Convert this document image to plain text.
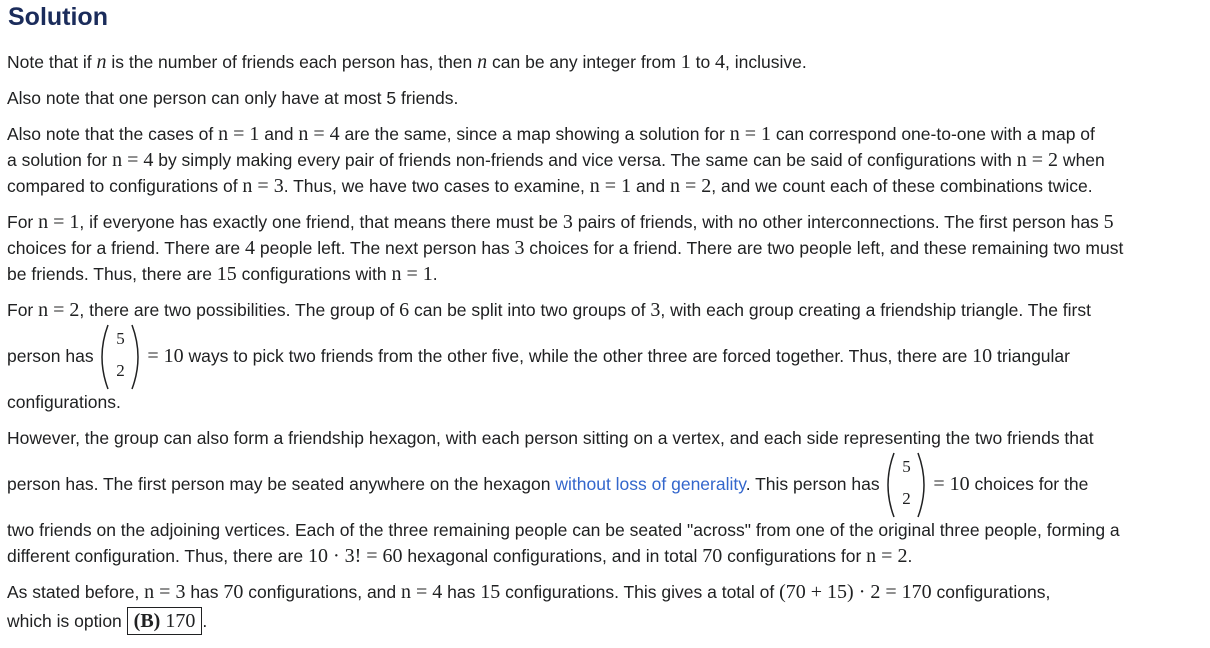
Solution
Note that if n is the number of friends each person has, then n can be any integer from 1 to 4, inclusive.
Also note that one person can only have at most 5 friends.
Also note that the cases of n = 1 and n = 4 are the same, since a map showing a solution for n = 1 can correspond one-to-one with a map of
a solution for n = 4 by simply making every pair of friends non-friends and vice versa. The same can be said of configurations with n = 2 when
compared to configurations of n = 3. Thus, we have two cases to examine, n = 1 and n = 2, and we count each of these combinations twice.
For n = 1, if everyone has exactly one friend, that means there must be 3 pairs of friends, with no other interconnections. The first person has 5
choices for a friend. There are 4 people left. The next person has 3 choices for a friend. There are two people left, and these remaining two must
be friends. Thus, there are 15 configurations with n = 1.
For n = 2, there are two possibilities. The group of 6 can be split into two groups of 3, with each group creating a friendship triangle. The first
person has
5
2
= 10 ways to pick two friends from the other five, while the other three are forced together. Thus, there are 10 triangular
configurations.
However, the group can also form a friendship hexagon, with each person sitting on a vertex, and each side representing the two friends that
person has. The first person may be seated anywhere on the hexagon without loss of generality. This person has
5
2
= 10 choices for the
two friends on the adjoining vertices. Each of the three remaining people can be seated "across" from one of the original three people, forming a
different configuration. Thus, there are 10 · 3! = 60 hexagonal configurations, and in total 70 configurations for n = 2.
As stated before, n = 3 has 70 configurations, and n = 4 has 15 configurations. This gives a total of (70 + 15) · 2 = 170 configurations,
which is option (B) 170 .
